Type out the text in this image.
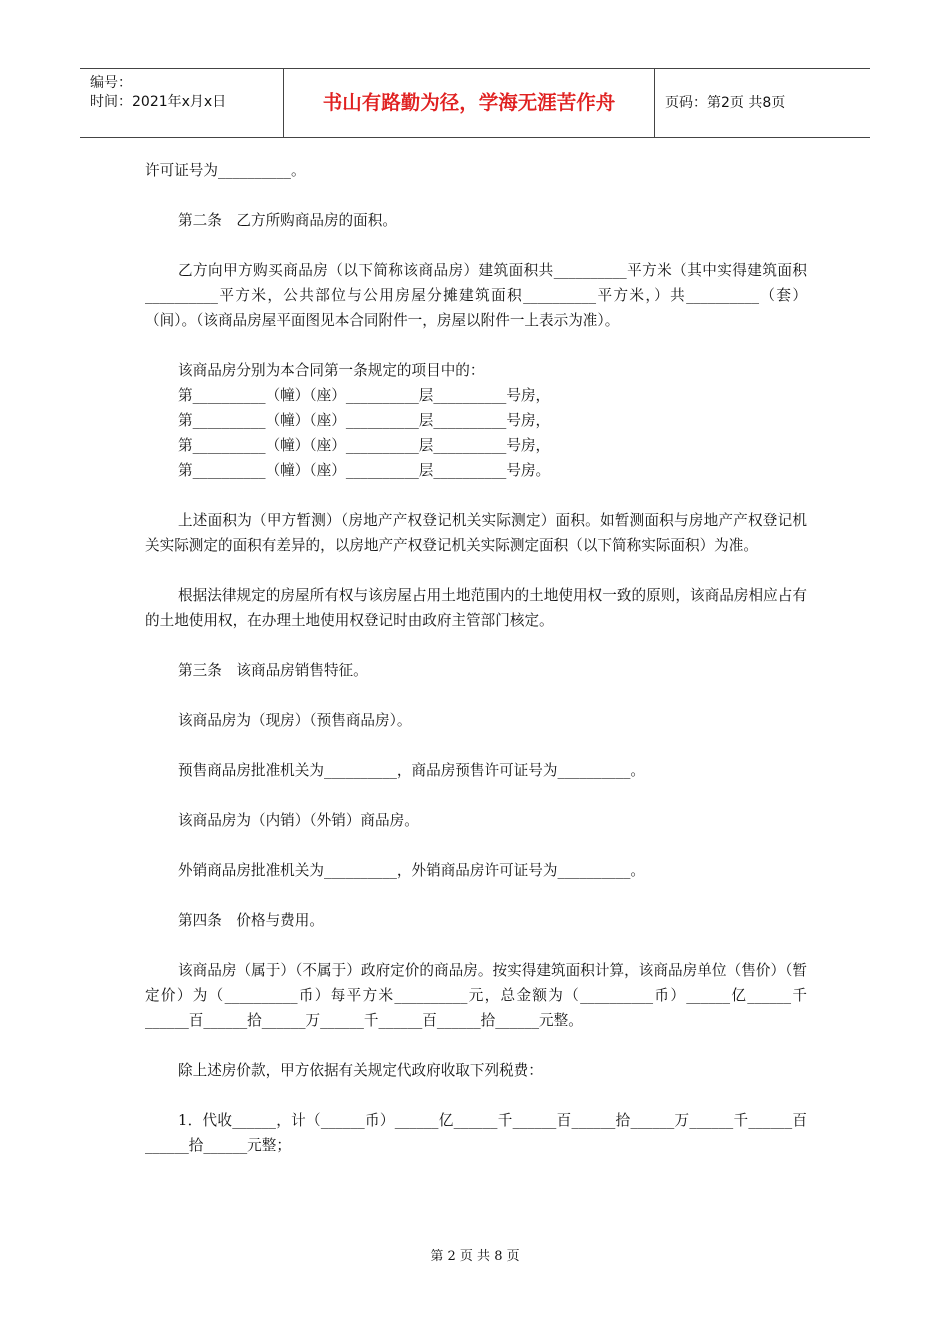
编号：
时间：2021年x月x日	书山有路勤为径，学海无涯苦作舟	页码：第2页 共8页

许可证号为__________。

第二条　乙方所购商品房的面积。

乙方向甲方购买商品房（以下简称该商品房）建筑面积共__________平方米（其中实得建筑面积__________平方米，公共部位与公用房屋分摊建筑面积__________平方米，）共__________（套）（间）。（该商品房屋平面图见本合同附件一，房屋以附件一上表示为准）。

该商品房分别为本合同第一条规定的项目中的：

第__________（幢）（座）__________层__________号房，

第__________（幢）（座）__________层__________号房，

第__________（幢）（座）__________层__________号房，

第__________（幢）（座）__________层__________号房。

上述面积为（甲方暂测）（房地产产权登记机关实际测定）面积。如暂测面积与房地产产权登记机关实际测定的面积有差异的，以房地产产权登记机关实际测定面积（以下简称实际面积）为准。

根据法律规定的房屋所有权与该房屋占用土地范围内的土地使用权一致的原则，该商品房相应占有的土地使用权，在办理土地使用权登记时由政府主管部门核定。

第三条　该商品房销售特征。

该商品房为（现房）（预售商品房）。

预售商品房批准机关为__________，商品房预售许可证号为__________。

该商品房为（内销）（外销）商品房。

外销商品房批准机关为__________，外销商品房许可证号为__________。

第四条　价格与费用。

该商品房（属于）（不属于）政府定价的商品房。按实得建筑面积计算，该商品房单位（售价）（暂定价）为（__________币）每平方米__________元，总金额为（__________币）______亿______千______百______拾______万______千______百______拾______元整。

除上述房价款，甲方依据有关规定代政府收取下列税费：

1．代收______，计（______币）______亿______千______百______拾______万______千______百______拾______元整；

第 2 页 共 8 页
